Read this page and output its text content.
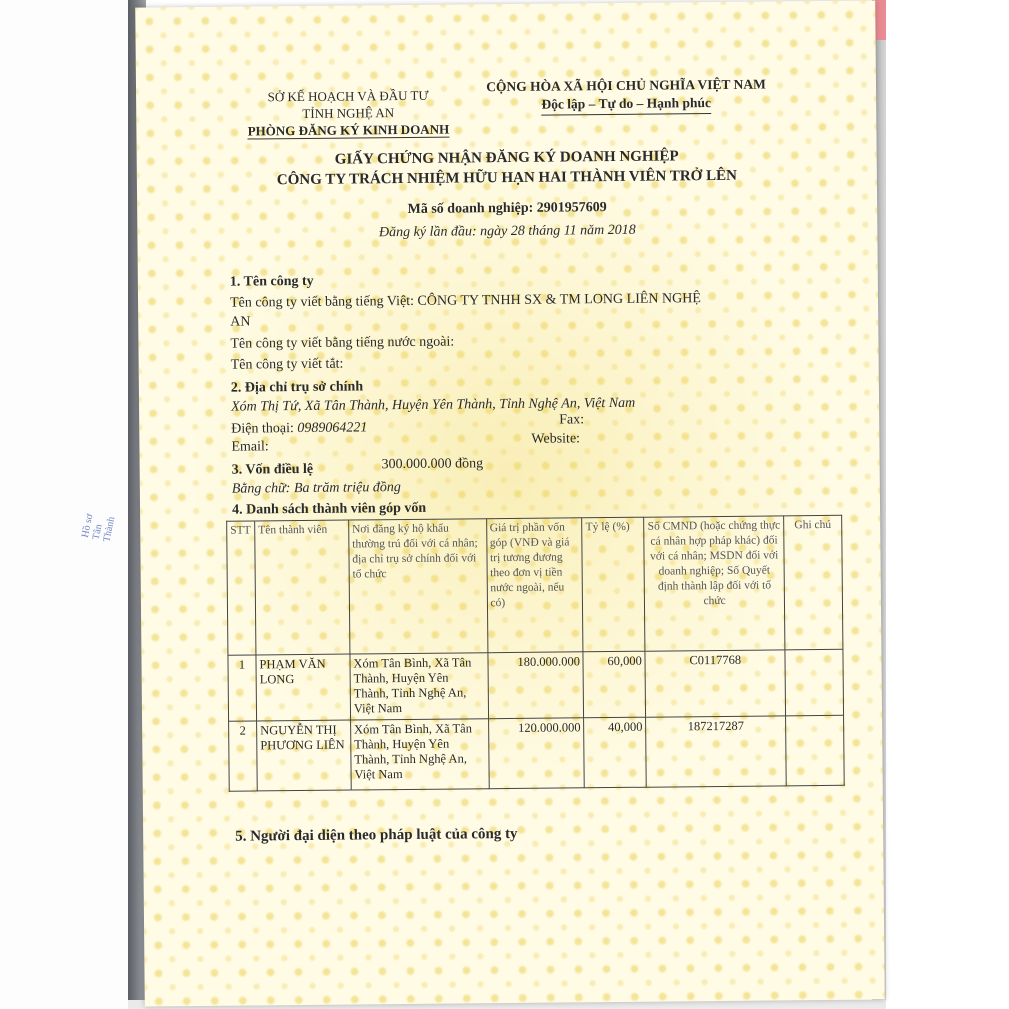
Hồ sơ Tân Thành
SỞ KẾ HOẠCH VÀ ĐẦU TƯ
TỈNH NGHỆ AN
PHÒNG ĐĂNG KÝ KINH DOANH
CỘNG HÒA XÃ HỘI CHỦ NGHĨA VIỆT NAM
Độc lập – Tự do – Hạnh phúc
GIẤY CHỨNG NHẬN ĐĂNG KÝ DOANH NGHIỆP
CÔNG TY TRÁCH NHIỆM HỮU HẠN HAI THÀNH VIÊN TRỞ LÊN
Mã số doanh nghiệp: 2901957609
Đăng ký lần đầu: ngày 28 tháng 11 năm 2018
1. Tên công ty
Tên công ty viết bằng tiếng Việt: CÔNG TY TNHH SX & TM LONG LIÊN NGHỆ
AN
Tên công ty viết bằng tiếng nước ngoài:
Tên công ty viết tắt:
2. Địa chỉ trụ sở chính
Xóm Thị Tứ, Xã Tân Thành, Huyện Yên Thành, Tỉnh Nghệ An, Việt Nam
Điện thoại: 0989064221
Fax:
Email:
Website:
3. Vốn điều lệ	300.000.000 đồng
Bằng chữ: Ba trăm triệu đồng
4. Danh sách thành viên góp vốn
STT	Tên thành viên	Nơi đăng ký hộ khẩu thường trú đối với cá nhân; địa chỉ trụ sở chính đối với tổ chức	Giá trị phần vốn góp (VNĐ và giá trị tương đương theo đơn vị tiền nước ngoài, nếu có)	Tỷ lệ (%)	Số CMND (hoặc chứng thực cá nhân hợp pháp khác) đối với cá nhân; MSDN đối với doanh nghiệp; Số Quyết định thành lập đối với tổ chức	Ghi chú
1	PHẠM VĂN LONG	Xóm Tân Bình, Xã Tân Thành, Huyện Yên Thành, Tỉnh Nghệ An, Việt Nam	180.000.000	60,000	C0117768	
2	NGUYỄN THỊ PHƯƠNG LIÊN	Xóm Tân Bình, Xã Tân Thành, Huyện Yên Thành, Tỉnh Nghệ An, Việt Nam	120.000.000	40,000	187217287	
5. Người đại diện theo pháp luật của công ty
